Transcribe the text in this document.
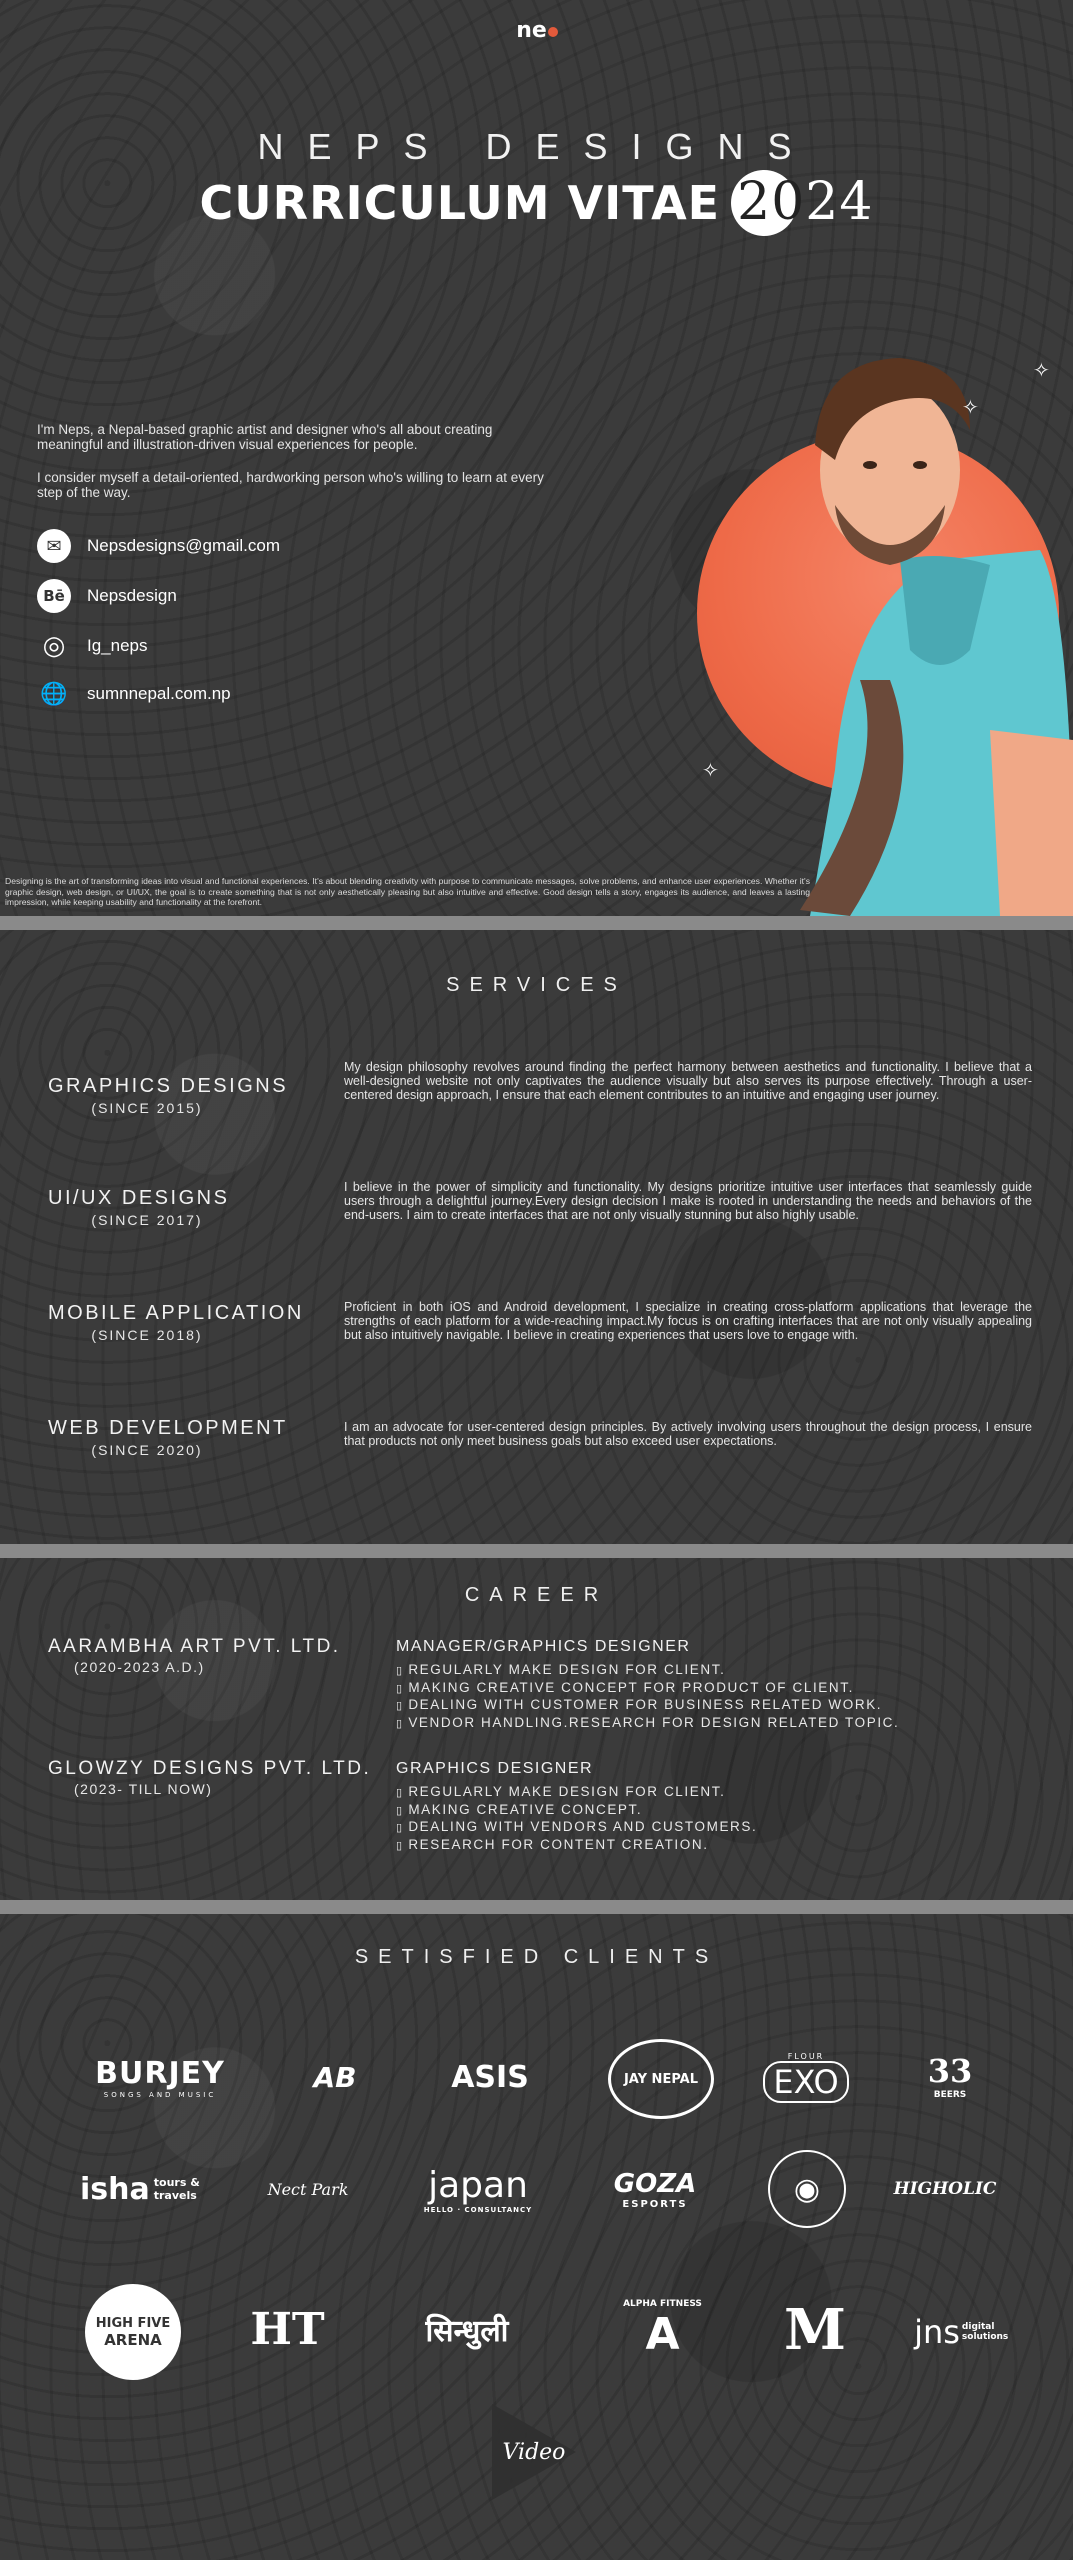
ne
NEPS DESIGNS
CURRICULUM VITAE 2024
I'm Neps, a Nepal-based graphic artist and designer who's all about creating meaningful and illustration-driven visual experiences for people.
I consider myself a detail-oriented, hardworking person who's willing to learn at every step of the way.
✉	Nepsdesigns@gmail.com
Bē	Nepsdesign
◎	Ig_neps
🌐 sumnnepal.com.np
✧
✧
✧
Designing is the art of transforming ideas into visual and functional experiences. It's about blending creativity with purpose to communicate messages, solve problems, and enhance user experiences. Whether it's graphic design, web design, or UI/UX, the goal is to create something that is not only aesthetically pleasing but also intuitive and effective. Good design tells a story, engages its audience, and leaves a lasting impression, while keeping usability and functionality at the forefront.
SERVICES
GRAPHICS DESIGNS
(SINCE 2015)
My design philosophy revolves around finding the perfect harmony between aesthetics and functionality. I believe that a well-designed website not only captivates the audience visually but also serves its purpose effectively. Through a user-centered design approach, I ensure that each element contributes to an intuitive and engaging user journey.
UI/UX DESIGNS
(SINCE 2017)
I believe in the power of simplicity and functionality. My designs prioritize intuitive user interfaces that seamlessly guide users through a delightful journey.Every design decision I make is rooted in understanding the needs and behaviors of the end-users. I aim to create interfaces that are not only visually stunning but also highly usable.
MOBILE APPLICATION
(SINCE 2018)
Proficient in both iOS and Android development, I specialize in creating cross-platform applications that leverage the strengths of each platform for a wide-reaching impact.My focus is on crafting interfaces that are not only visually appealing but also intuitively navigable. I believe in creating experiences that users love to engage with.
WEB DEVELOPMENT
(SINCE 2020)
I am an advocate for user-centered design principles. By actively involving users throughout the design process, I ensure that products not only meet business goals but also exceed user expectations.
CAREER
AARAMBHA ART PVT. LTD.
(2020-2023 A.D.)
MANAGER/GRAPHICS DESIGNER
▯ REGULARLY MAKE DESIGN FOR CLIENT.
▯ MAKING CREATIVE CONCEPT FOR PRODUCT OF CLIENT.
▯ DEALING WITH CUSTOMER FOR BUSINESS RELATED WORK.
▯ VENDOR HANDLING.RESEARCH FOR DESIGN RELATED TOPIC.
GLOWZY DESIGNS PVT. LTD.
(2023- TILL NOW)
GRAPHICS DESIGNER
▯ REGULARLY MAKE DESIGN FOR CLIENT.
▯ MAKING CREATIVE CONCEPT.
▯ DEALING WITH VENDORS AND CUSTOMERS.
▯ RESEARCH FOR CONTENT CREATION.
SETISFIED CLIENTS
BURJEY
SONGS AND MUSIC
AB	ASIS	JAY NEPAL
FLOUR
EXO	33
BEERS
isha tours & travels	Nect Park japan
HELLO · CONSULTANCY
GOZA
ESPORTS	◉	HIGHOLIC
HIGH FIVE
ARENA HT	सिन्धुली
ALPHA FITNESS
A M jns digital solutions
Video
